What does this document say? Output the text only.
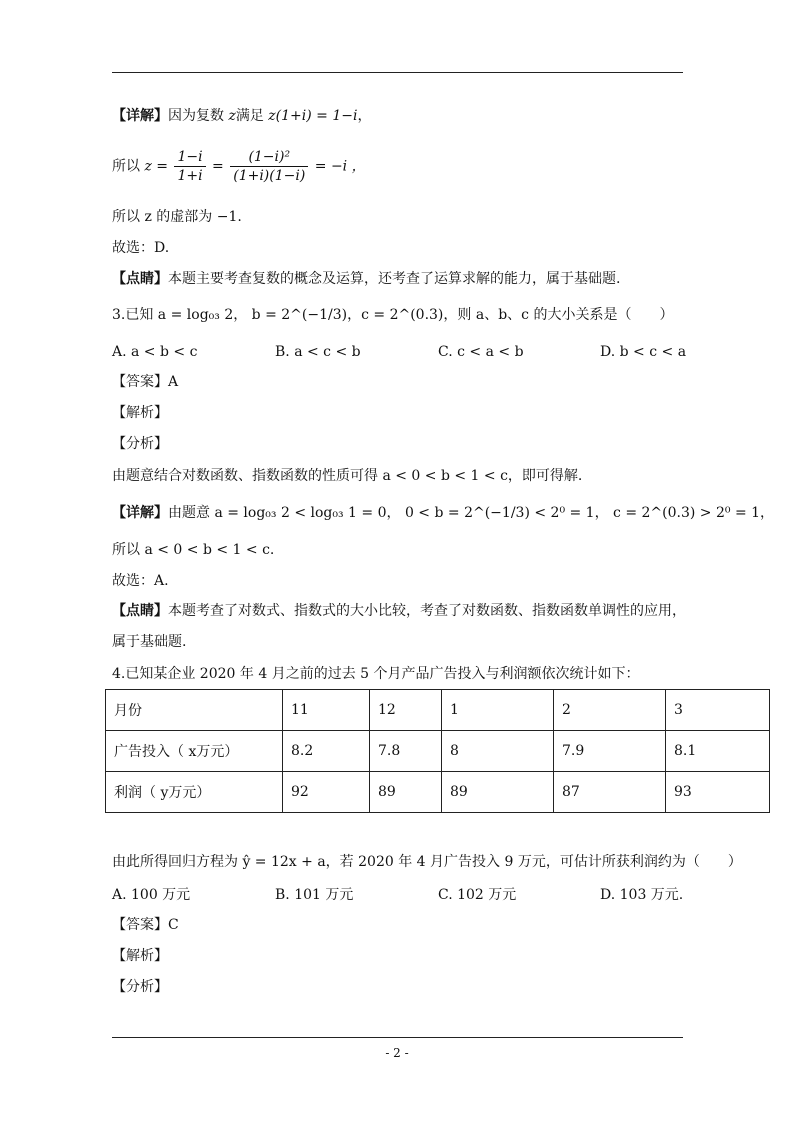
【详解】因为复数 z满足 z(1+i) = 1−i，
所以 $z = \frac{1-i}{1+i} = \frac{\text{(1−i)²}}{(1+i)(1-i)} = -i$ ，
所以 z 的虚部为 −1.
故选：D.
【点睛】本题主要考查复数的概念及运算，还考查了运算求解的能力，属于基础题.
3.已知 a = log₀₃ 2， b = 2^(−1/3)，c = 2^(0.3)，则 a、b、c 的大小关系是（　　）
A. a < b < c	B. a < c < b	C. c < a < b	D. b < c < a
【答案】A
【解析】
【分析】
由题意结合对数函数、指数函数的性质可得 a < 0 < b < 1 < c，即可得解.
【详解】由题意 a = log₀₃ 2 < log₀₃ 1 = 0， 0 < b = 2^(−1/3) < 2⁰ = 1， c = 2^(0.3) > 2⁰ = 1，
所以 a < 0 < b < 1 < c.
故选：A.
【点睛】本题考查了对数式、指数式的大小比较，考查了对数函数、指数函数单调性的应用，
属于基础题.
4.已知某企业 2020 年 4 月之前的过去 5 个月产品广告投入与利润额依次统计如下：
月份	11	12	1	2	3
广告投入（ x万元）	8.2	7.8	8	7.9	8.1
利润（ y万元）	92	89	89	87	93
由此所得回归方程为 ŷ = 12x + a，若 2020 年 4 月广告投入 9 万元，可估计所获利润约为（　　）
A. 100 万元	B. 101 万元	C. 102 万元	D. 103 万元.
【答案】C
【解析】
【分析】
- 2 -
